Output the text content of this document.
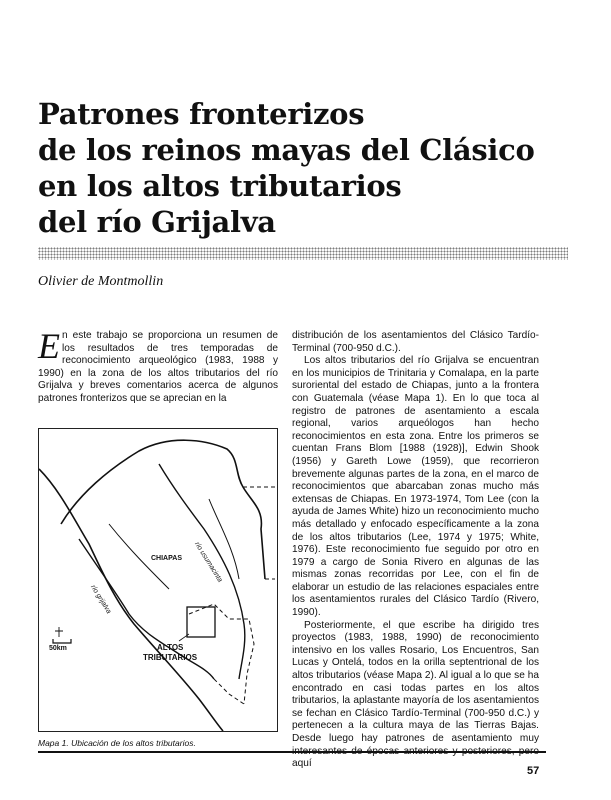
Patrones fronterizos
de los reinos mayas del Clásico
en los altos tributarios
del río Grijalva
Olivier de Montmollin

En este trabajo se proporciona un resumen de los resultados de tres temporadas de reconocimiento arqueológico (1983, 1988 y 1990) en la zona de los altos tributarios del río Grijalva y breves comentarios acerca de algunos patrones fronterizos que se aprecian en la

CHIAPAS
río grijalva
río usumacinta
ALTOS
TRIBUTARIOS
50km
Mapa 1. Ubicación de los altos tributarios.

distribución de los asentamientos del Clásico Tardío-Terminal (700-950 d.C.).

Los altos tributarios del río Grijalva se encuentran en los municipios de Trinitaria y Comalapa, en la parte suroriental del estado de Chiapas, junto a la frontera con Guatemala (véase Mapa 1). En lo que toca al registro de patrones de asentamiento a escala regional, varios arqueólogos han hecho reconocimientos en esta zona. Entre los primeros se cuentan Frans Blom [1988 (1928)], Edwin Shook (1956) y Gareth Lowe (1959), que recorrieron brevemente algunas partes de la zona, en el marco de reconocimientos que abarcaban zonas mucho más extensas de Chiapas. En 1973-1974, Tom Lee (con la ayuda de James White) hizo un reconocimiento mucho más detallado y enfocado específicamente a la zona de los altos tributarios (Lee, 1974 y 1975; White, 1976). Este reconocimiento fue seguido por otro en 1979 a cargo de Sonia Rivero en algunas de las mismas zonas recorridas por Lee, con el fin de elaborar un estudio de las relaciones espaciales entre los asentamientos rurales del Clásico Tardío (Rivero, 1990).

Posteriormente, el que escribe ha dirigido tres proyectos (1983, 1988, 1990) de reconocimiento intensivo en los valles Rosario, Los Encuentros, San Lucas y Ontelá, todos en la orilla septentrional de los altos tributarios (véase Mapa 2). Al igual a lo que se ha encontrado en casi todas partes en los altos tributarios, la aplastante mayoría de los asentamientos se fechan en Clásico Tardío-Terminal (700-950 d.C.) y pertenecen a la cultura maya de las Tierras Bajas. Desde luego hay patrones de asentamiento muy aquí

57
